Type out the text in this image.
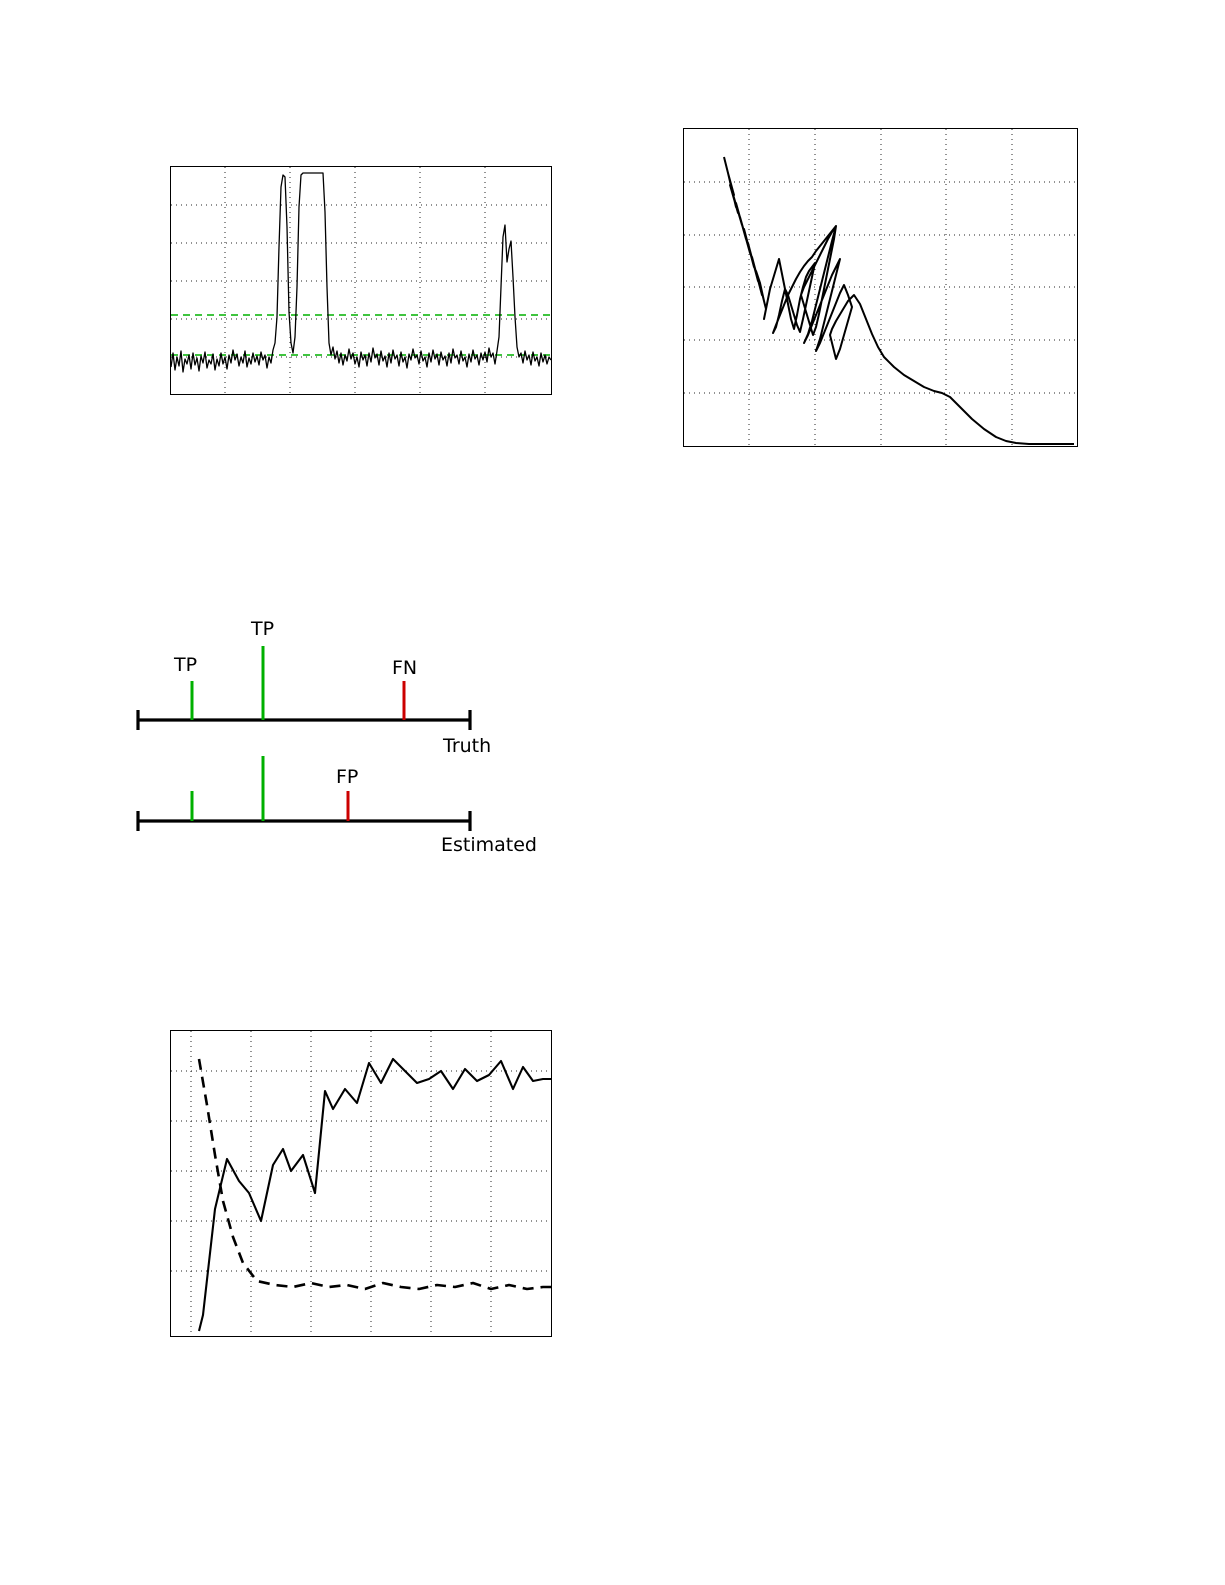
TP
TP
FN
FP
Truth
Estimated
